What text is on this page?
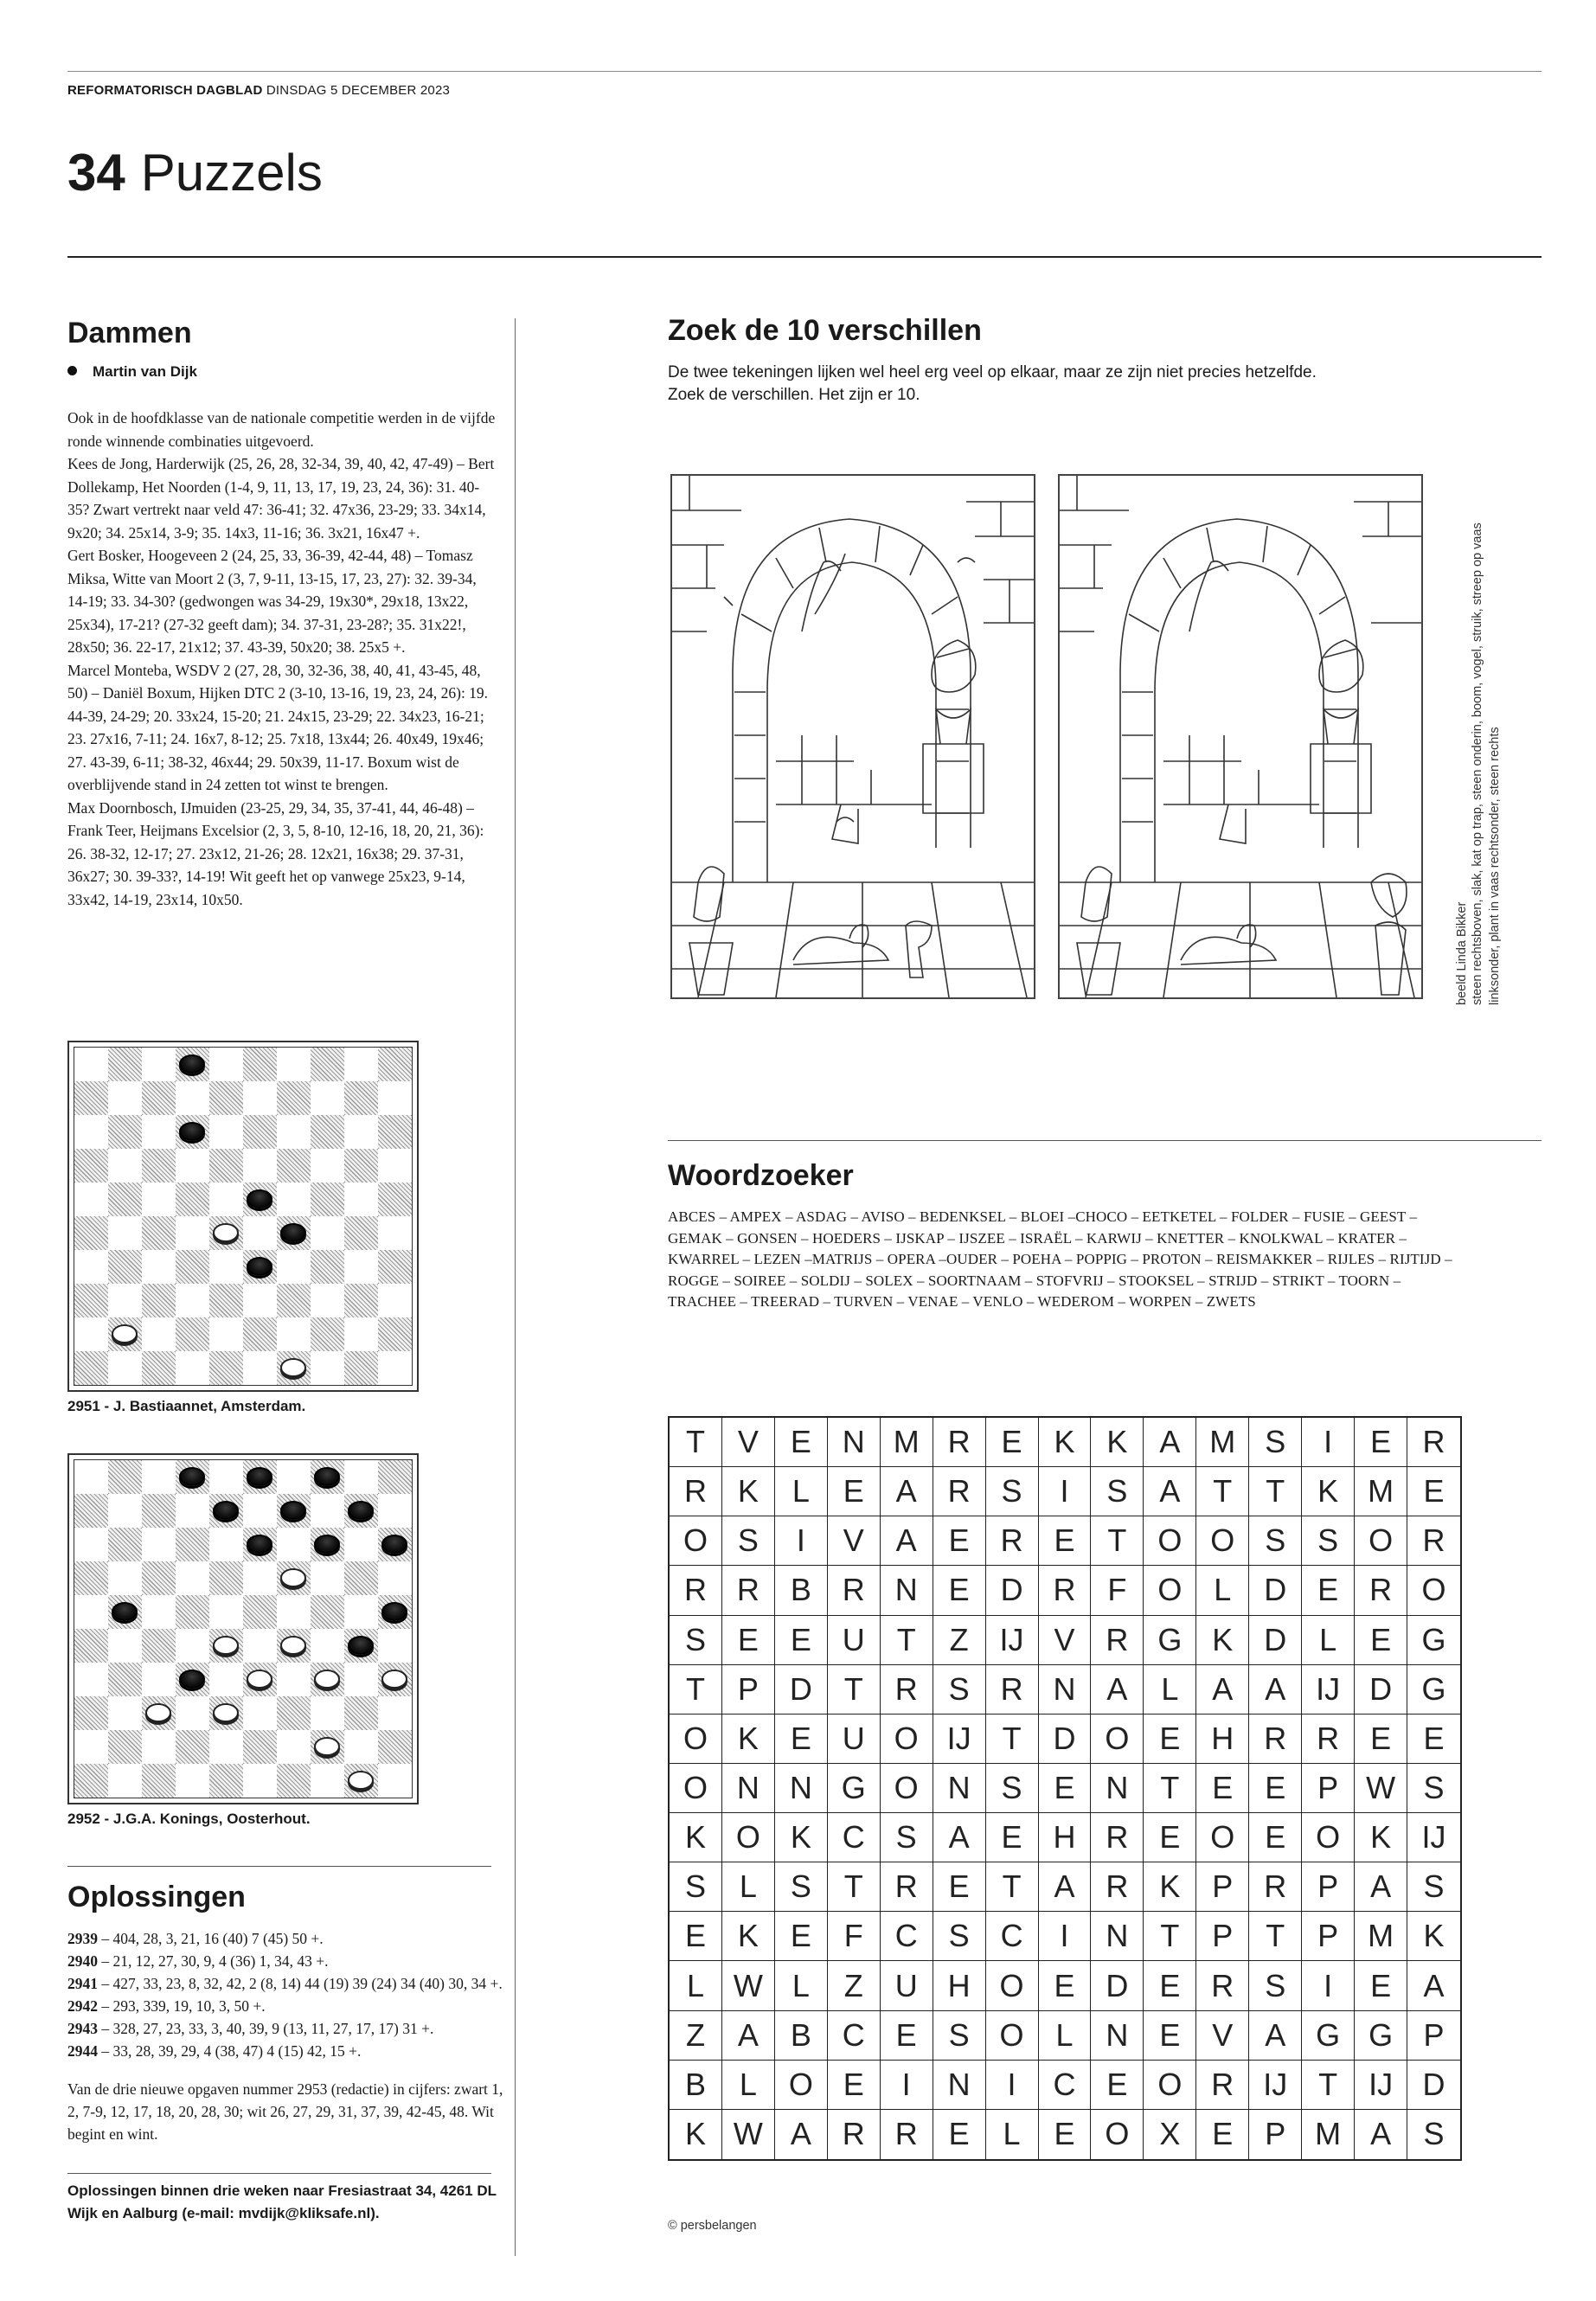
REFORMATORISCH DAGBLAD DINSDAG 5 DECEMBER 2023
34 Puzzels
Dammen
Martin van Dijk
Ook in de hoofdklasse van de nationale competitie werden in de vijfde ronde winnende combinaties uitgevoerd.
Kees de Jong, Harderwijk (25, 26, 28, 32-34, 39, 40, 42, 47-49) – Bert Dollekamp, Het Noorden (1-4, 9, 11, 13, 17, 19, 23, 24, 36): 31. 40-35? Zwart vertrekt naar veld 47: 36-41; 32. 47x36, 23-29; 33. 34x14, 9x20; 34. 25x14, 3-9; 35. 14x3, 11-16; 36. 3x21, 16x47 +.
Gert Bosker, Hoogeveen 2 (24, 25, 33, 36-39, 42-44, 48) – Tomasz Miksa, Witte van Moort 2 (3, 7, 9-11, 13-15, 17, 23, 27): 32. 39-34, 14-19; 33. 34-30? (gedwongen was 34-29, 19x30*, 29x18, 13x22, 25x34), 17-21? (27-32 geeft dam); 34. 37-31, 23-28?; 35. 31x22!, 28x50; 36. 22-17, 21x12; 37. 43-39, 50x20; 38. 25x5 +.
Marcel Monteba, WSDV 2 (27, 28, 30, 32-36, 38, 40, 41, 43-45, 48, 50) – Daniël Boxum, Hijken DTC 2 (3-10, 13-16, 19, 23, 24, 26): 19. 44-39, 24-29; 20. 33x24, 15-20; 21. 24x15, 23-29; 22. 34x23, 16-21; 23. 27x16, 7-11; 24. 16x7, 8-12; 25. 7x18, 13x44; 26. 40x49, 19x46; 27. 43-39, 6-11; 38-32, 46x44; 29. 50x39, 11-17. Boxum wist de overblijvende stand in 24 zetten tot winst te brengen.
Max Doornbosch, IJmuiden (23-25, 29, 34, 35, 37-41, 44, 46-48) – Frank Teer, Heijmans Excelsior (2, 3, 5, 8-10, 12-16, 18, 20, 21, 36): 26. 38-32, 12-17; 27. 23x12, 21-26; 28. 12x21, 16x38; 29. 37-31, 36x27; 30. 39-33?, 14-19! Wit geeft het op vanwege 25x23, 9-14, 33x42, 14-19, 23x14, 10x50.
2951 - J. Bastiaannet, Amsterdam.
2952 - J.G.A. Konings, Oosterhout.
Oplossingen

2939 – 404, 28, 3, 21, 16 (40) 7 (45) 50 +.

2940 – 21, 12, 27, 30, 9, 4 (36) 1, 34, 43 +.

2941 – 427, 33, 23, 8, 32, 42, 2 (8, 14) 44 (19) 39 (24) 34 (40) 30, 34 +.

2942 – 293, 339, 19, 10, 3, 50 +.

2943 – 328, 27, 23, 33, 3, 40, 39, 9 (13, 11, 27, 17, 17) 31 +.

2944 – 33, 28, 39, 29, 4 (38, 47) 4 (15) 42, 15 +.

Van de drie nieuwe opgaven nummer 2953 (redactie) in cijfers: zwart 1, 2, 7-9, 12, 17, 18, 20, 28, 30; wit 26, 27, 29, 31, 37, 39, 42-45, 48. Wit begint en wint.

Oplossingen binnen drie weken naar Fresiastraat 34, 4261 DL Wijk en Aalburg (e-mail: mvdijk@kliksafe.nl).
Zoek de 10 verschillen
De twee tekeningen lijken wel heel erg veel op elkaar, maar ze zijn niet precies hetzelfde.
Zoek de verschillen. Het zijn er 10.
beeld Linda Bikker steen rechtsboven, slak, kat op trap, steen onderin, boom, vogel, struik, streep op vaas linksonder, plant in vaas rechtsonder, steen rechts
Woordzoeker
ABCES – AMPEX – ASDAG – AVISO – BEDENKSEL – BLOEI –CHOCO – EETKETEL – FOLDER – FUSIE – GEEST – GEMAK – GONSEN – HOEDERS – IJSKAP – IJSZEE – ISRAËL – KARWIJ – KNETTER – KNOLKWAL – KRATER – KWARREL – LEZEN –MATRIJS – OPERA –OUDER – POEHA – POPPIG – PROTON – REISMAKKER – RIJLES – RIJTIJD – ROGGE – SOIREE – SOLDIJ – SOLEX – SOORTNAAM – STOFVRIJ – STOOKSEL – STRIJD – STRIKT – TOORN – TRACHEE – TREERAD – TURVEN – VENAE – VENLO – WEDEROM – WORPEN – ZWETS
T	V	E N M R E	K	K	A M S	I	E	R
R K	L	E	A R S	I	S	A	T	T	K M E
O S	I	V	A	E R E	T O O S	S O R
R R B R N E D R	F O	L	D E R O
S	E	E U	T	Z IJ V R G K D	L	E G
T	P D	T	R S R N A	L	A	A IJ D G
O K	E U O IJ T	D O E H R R E	E
O N N G O N S	E N	T	E	E	P W S
K O K C S	A	E H R E O E O K IJ
S	L	S	T	R E	T	A R K	P R P	A	S
E	K	E	F	C S C	I	N	T	P	T	P M K
L W L	Z	U H O E D E R S	I	E	A
Z	A	B C E	S O	L	N E	V	A G G P
B	L	O E	I	N	I	C E O R IJ T IJ D
K W A R R E	L	E O X	E	P M A	S
© persbelangen
